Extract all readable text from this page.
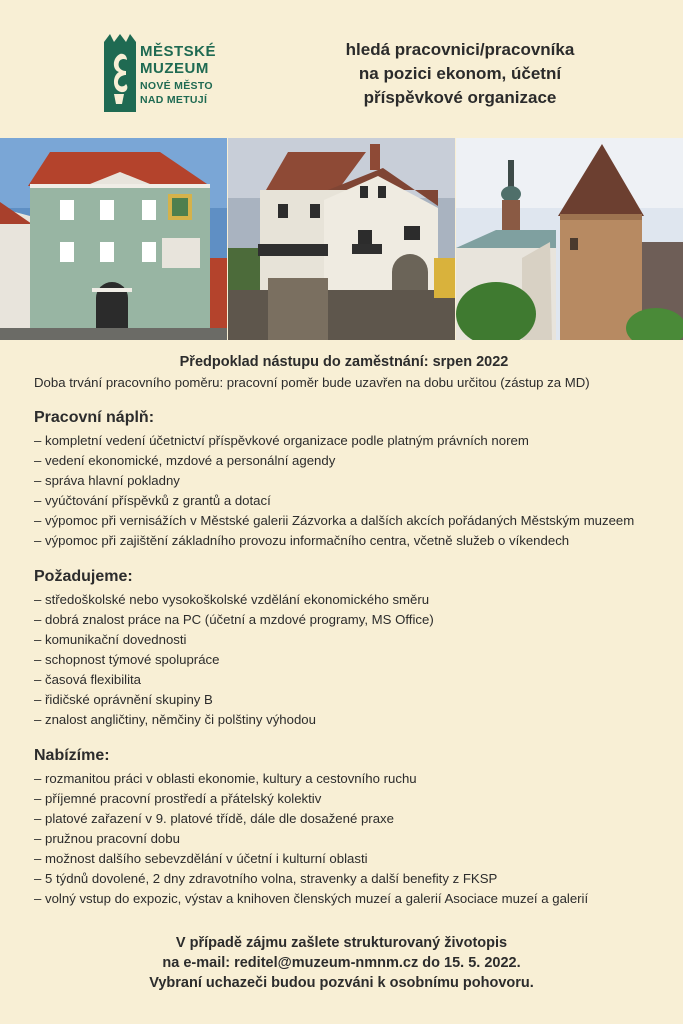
MĚSTSKÉ
MUZEUM
NOVÉ MĚSTO
NAD METUJÍ
hledá pracovnici/pracovníka
na pozici ekonom, účetní
příspěvkové organizace

Předpoklad nástupu do zaměstnání: srpen 2022

Doba trvání pracovního poměru: pracovní poměr bude uzavřen na dobu určitou (zástup za MD)

Pracovní náplň:
– kompletní vedení účetnictví příspěvkové organizace podle platným právních norem
– vedení ekonomické, mzdové a personální agendy
– správa hlavní pokladny
– vyúčtování příspěvků z grantů a dotací
– výpomoc při vernisážích v Městské galerii Zázvorka a dalších akcích pořádaných Městským muzeem
– výpomoc při zajištění základního provozu informačního centra, včetně služeb o víkendech
Požadujeme:
– středoškolské nebo vysokoškolské vzdělání ekonomického směru
– dobrá znalost práce na PC (účetní a mzdové programy, MS Office)
– komunikační dovednosti
– schopnost týmové spolupráce
– časová flexibilita
– řidičské oprávnění skupiny B
– znalost angličtiny, němčiny či polštiny výhodou
Nabízíme:
– rozmanitou práci v oblasti ekonomie, kultury a cestovního ruchu
– příjemné pracovní prostředí a přátelský kolektiv
– platové zařazení v 9. platové třídě, dále dle dosažené praxe
– pružnou pracovní dobu
– možnost dalšího sebevzdělání v účetní i kulturní oblasti
– 5 týdnů dovolené, 2 dny zdravotního volna, stravenky a další benefity z FKSP
– volný vstup do expozic, výstav a knihoven členských muzeí a galerií Asociace muzeí a galerií
V případě zájmu zašlete strukturovaný životopis
na e-mail: reditel@muzeum-nmnm.cz do 15. 5. 2022.
Vybraní uchazeči budou pozváni k osobnímu pohovoru.
